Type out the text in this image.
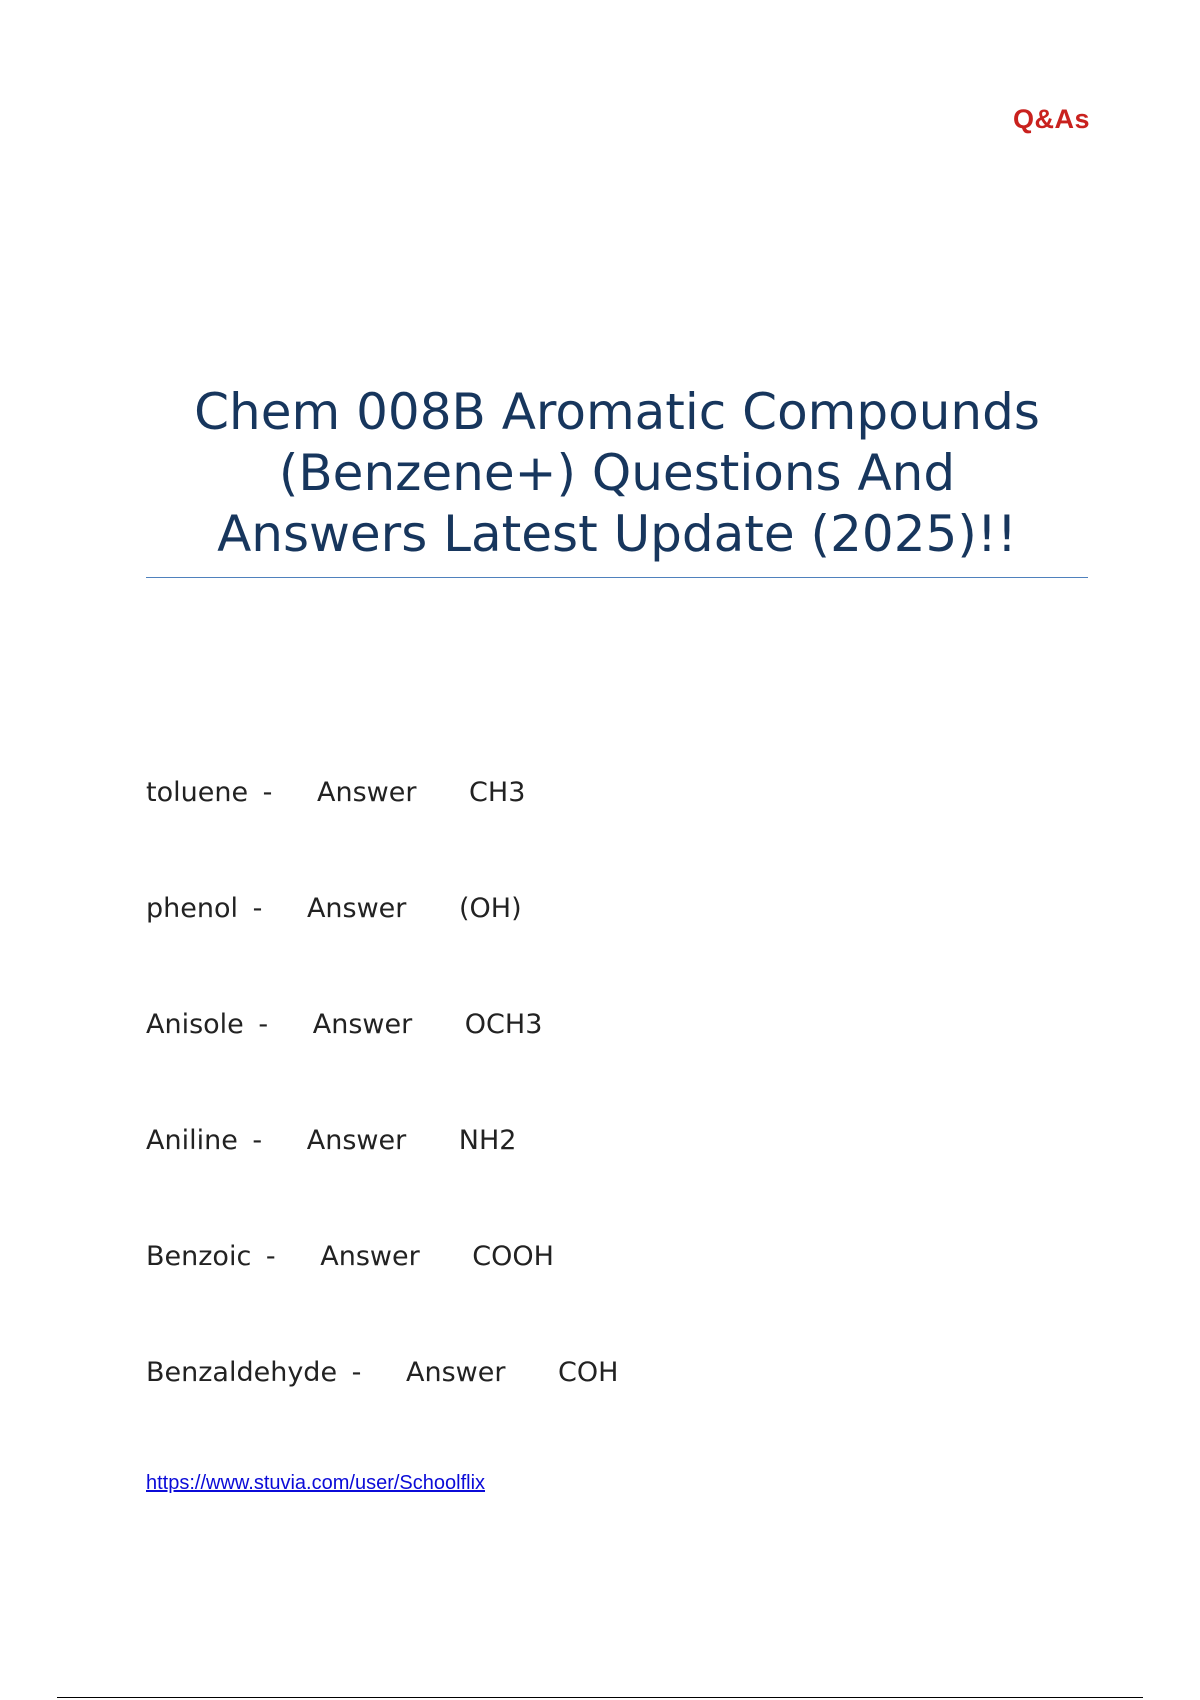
Q&As
Chem 008B Aromatic Compounds
(Benzene+) Questions And
Answers Latest Update (2025)!!
toluene - Answer CH3
phenol - Answer (OH)
Anisole - Answer OCH3
Aniline - Answer NH2
Benzoic - Answer COOH
Benzaldehyde - Answer COH
https://www.stuvia.com/user/Schoolflix
